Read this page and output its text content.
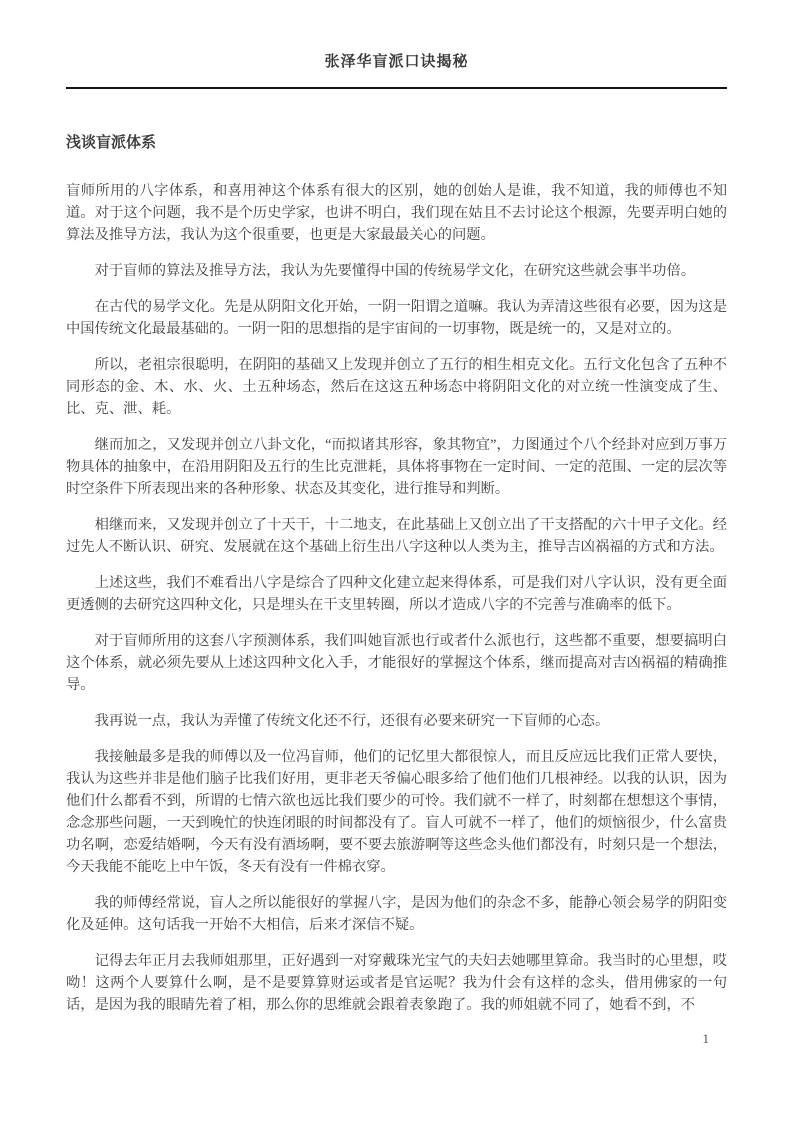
张泽华盲派口诀揭秘
浅谈盲派体系

盲师所用的八字体系，和喜用神这个体系有很大的区别，她的创始人是谁，我不知道，我的师傅也不知道。对于这个问题，我不是个历史学家，也讲不明白，我们现在姑且不去讨论这个根源，先要弄明白她的算法及推导方法，我认为这个很重要，也更是大家最最关心的问题。

对于盲师的算法及推导方法，我认为先要懂得中国的传统易学文化，在研究这些就会事半功倍。

在古代的易学文化。先是从阴阳文化开始，一阴一阳谓之道嘛。我认为弄清这些很有必要，因为这是中国传统文化最最基础的。一阴一阳的思想指的是宇宙间的一切事物，既是统一的，又是对立的。

所以，老祖宗很聪明，在阴阳的基础又上发现并创立了五行的相生相克文化。五行文化包含了五种不同形态的金、木、水、火、土五种场态，然后在这这五种场态中将阴阳文化的对立统一性演变成了生、比、克、泄、耗。

继而加之，又发现并创立八卦文化，“而拟诸其形容，象其物宜”，力图通过个八个经卦对应到万事万物具体的抽象中，在沿用阴阳及五行的生比克泄耗，具体将事物在一定时间、一定的范围、一定的层次等时空条件下所表现出来的各种形象、状态及其变化，进行推导和判断。

相继而来，又发现并创立了十天干，十二地支，在此基础上又创立出了干支搭配的六十甲子文化。经过先人不断认识、研究、发展就在这个基础上衍生出八字这种以人类为主，推导吉凶祸福的方式和方法。

上述这些，我们不难看出八字是综合了四种文化建立起来得体系，可是我们对八字认识，没有更全面更透侧的去研究这四种文化，只是埋头在干支里转圈，所以才造成八字的不完善与准确率的低下。

对于盲师所用的这套八字预测体系，我们叫她盲派也行或者什么派也行，这些都不重要，想要搞明白这个体系，就必须先要从上述这四种文化入手，才能很好的掌握这个体系，继而提高对吉凶祸福的精确推导。

我再说一点，我认为弄懂了传统文化还不行，还很有必要来研究一下盲师的心态。

我接触最多是我的师傅以及一位冯盲师，他们的记忆里大都很惊人，而且反应远比我们正常人要快，我认为这些并非是他们脑子比我们好用，更非老天爷偏心眼多给了他们他们几根神经。以我的认识，因为他们什么都看不到，所谓的七情六欲也远比我们要少的可怜。我们就不一样了，时刻都在想想这个事情，念念那些问题，一天到晚忙的快连闭眼的时间都没有了。盲人可就不一样了，他们的烦恼很少，什么富贵功名啊，恋爱结婚啊，今天有没有酒场啊，要不要去旅游啊等这些念头他们都没有，时刻只是一个想法，今天我能不能吃上中午饭，冬天有没有一件棉衣穿。

我的师傅经常说，盲人之所以能很好的掌握八字，是因为他们的杂念不多，能静心领会易学的阴阳变化及延伸。这句话我一开始不大相信，后来才深信不疑。

记得去年正月去我师姐那里，正好遇到一对穿戴珠光宝气的夫妇去她哪里算命。我当时的心里想，哎呦！这两个人要算什么啊，是不是要算算财运或者是官运呢？我为什会有这样的念头，借用佛家的一句话，是因为我的眼睛先着了相，那么你的思维就会跟着表象跑了。我的师姐就不同了，她看不到，不

1
